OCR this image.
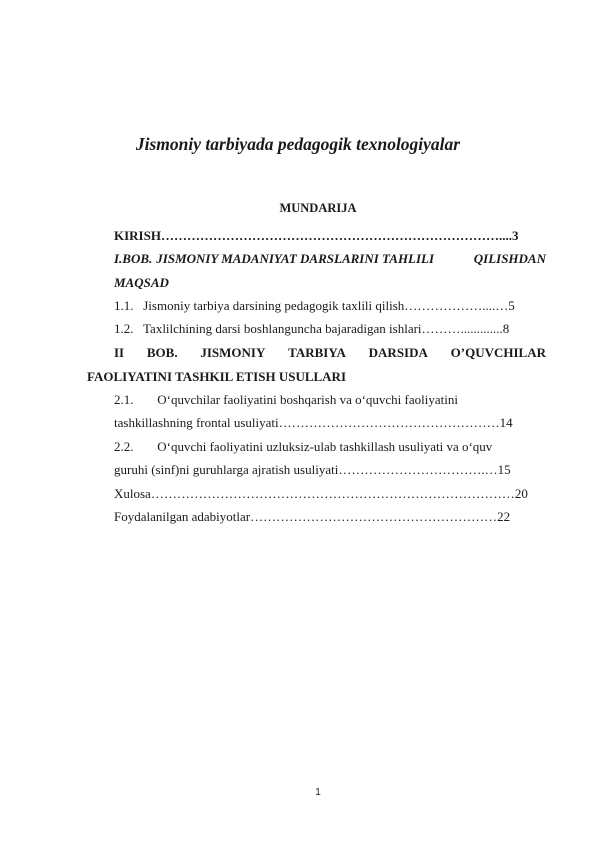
Jismoniy tarbiyada pedagogik texnologiyalar
MUNDARIJA
KIRISH……………………………………………………………………....3
I.BOB. JISMONIY MADANIYAT DARSLARINI TAHLILI	QILISHDAN
MAQSAD
1.1. Jismoniy tarbiya darsining pedagogik taxlili qilish………………....…5
1.2. Taxlilchining darsi boshlanguncha bajaradigan ishlari……….............8
II BOB. JISMONIY TARBIYA DARSIDA O’QUVCHILAR
FAOLIYATINI TASHKIL ETISH USULLARI
2.1. O‘quvchilar faoliyatini boshqarish va o‘quvchi faoliyatini
tashkillashning frontal usuliyati……………………………………………14
2.2. O‘quvchi faoliyatini uzluksiz-ulab tashkillash usuliyati va o‘quv
guruhi (sinf)ni guruhlarga ajratish usuliyati…………………………….…15
Xulosa…………………………………………………………………………20
Foydalanilgan adabiyotlar…………………………………………………22
1
